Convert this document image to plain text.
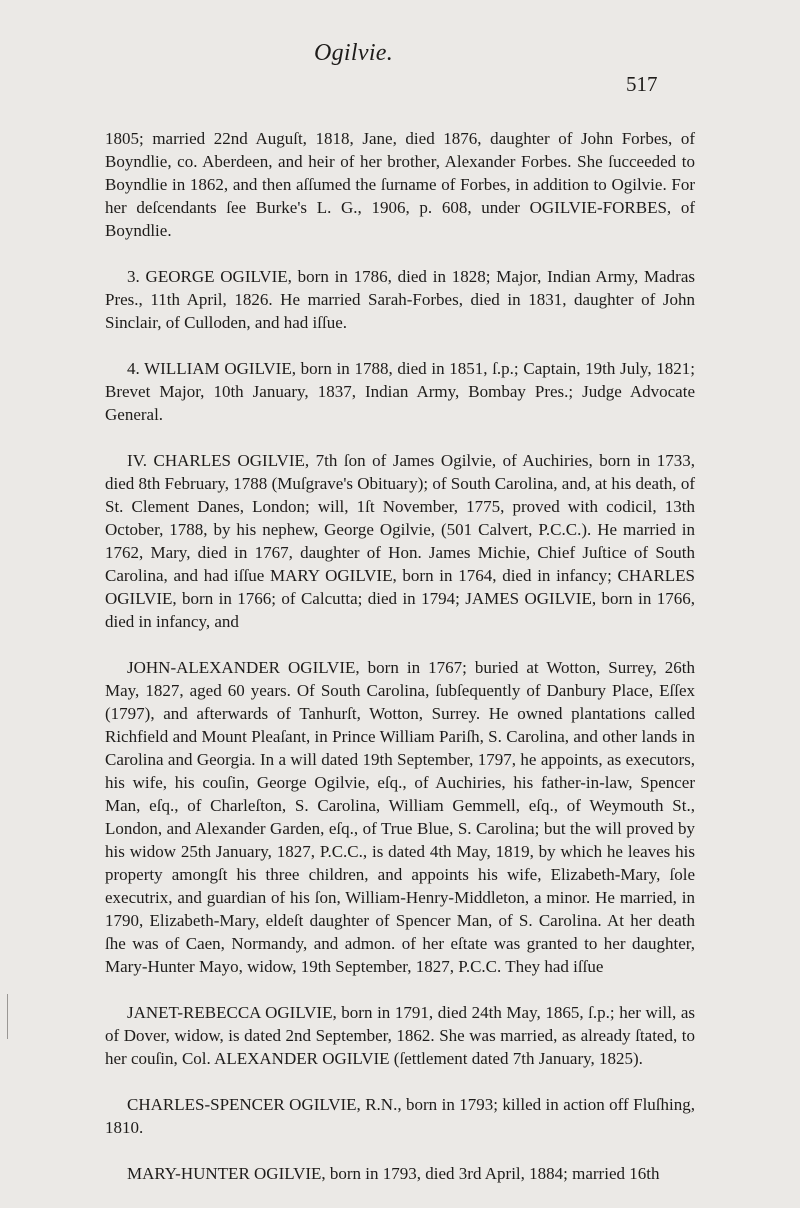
Ogilvie.
517

1805; married 22nd Auguſt, 1818, Jane, died 1876, daughter of John Forbes, of Boyndlie, co. Aberdeen, and heir of her brother, Alexander Forbes. She ſucceeded to Boyndlie in 1862, and then aſſumed the ſurname of Forbes, in addition to Ogilvie. For her deſcendants ſee Burke's L. G., 1906, p. 608, under OGILVIE-FORBES, of Boyndlie.

3. GEORGE OGILVIE, born in 1786, died in 1828; Major, Indian Army, Madras Pres., 11th April, 1826. He married Sarah-Forbes, died in 1831, daughter of John Sinclair, of Culloden, and had iſſue.

4. WILLIAM OGILVIE, born in 1788, died in 1851, ſ.p.; Captain, 19th July, 1821; Brevet Major, 10th January, 1837, Indian Army, Bombay Pres.; Judge Advocate General.

IV. CHARLES OGILVIE, 7th ſon of James Ogilvie, of Auchiries, born in 1733, died 8th February, 1788 (Muſgrave's Obituary); of South Carolina, and, at his death, of St. Clement Danes, London; will, 1ſt November, 1775, proved with codicil, 13th October, 1788, by his nephew, George Ogilvie, (501 Calvert, P.C.C.). He married in 1762, Mary, died in 1767, daughter of Hon. James Michie, Chief Juſtice of South Carolina, and had iſſue MARY OGILVIE, born in 1764, died in infancy; CHARLES OGILVIE, born in 1766; of Calcutta; died in 1794; JAMES OGILVIE, born in 1766, died in infancy, and

JOHN-ALEXANDER OGILVIE, born in 1767; buried at Wotton, Surrey, 26th May, 1827, aged 60 years. Of South Carolina, ſubſequently of Danbury Place, Eſſex (1797), and afterwards of Tanhurſt, Wotton, Surrey. He owned plantations called Richfield and Mount Pleaſant, in Prince William Pariſh, S. Carolina, and other lands in Carolina and Georgia. In a will dated 19th September, 1797, he appoints, as executors, his wife, his couſin, George Ogilvie, eſq., of Auchiries, his father-in-law, Spencer Man, eſq., of Charleſton, S. Carolina, William Gemmell, eſq., of Weymouth St., London, and Alexander Garden, eſq., of True Blue, S. Carolina; but the will proved by his widow 25th January, 1827, P.C.C., is dated 4th May, 1819, by which he leaves his property amongſt his three children, and appoints his wife, Elizabeth-Mary, ſole executrix, and guardian of his ſon, William-Henry-Middleton, a minor. He married, in 1790, Elizabeth-Mary, eldeſt daughter of Spencer Man, of S. Carolina. At her death ſhe was of Caen, Normandy, and admon. of her eſtate was granted to her daughter, Mary-Hunter Mayo, widow, 19th September, 1827, P.C.C. They had iſſue

JANET-REBECCA OGILVIE, born in 1791, died 24th May, 1865, ſ.p.; her will, as of Dover, widow, is dated 2nd September, 1862. She was married, as already ſtated, to her couſin, Col. ALEXANDER OGILVIE (ſettlement dated 7th January, 1825).

CHARLES-SPENCER OGILVIE, R.N., born in 1793; killed in action off Fluſhing, 1810.

MARY-HUNTER OGILVIE, born in 1793, died 3rd April, 1884; married 16th
